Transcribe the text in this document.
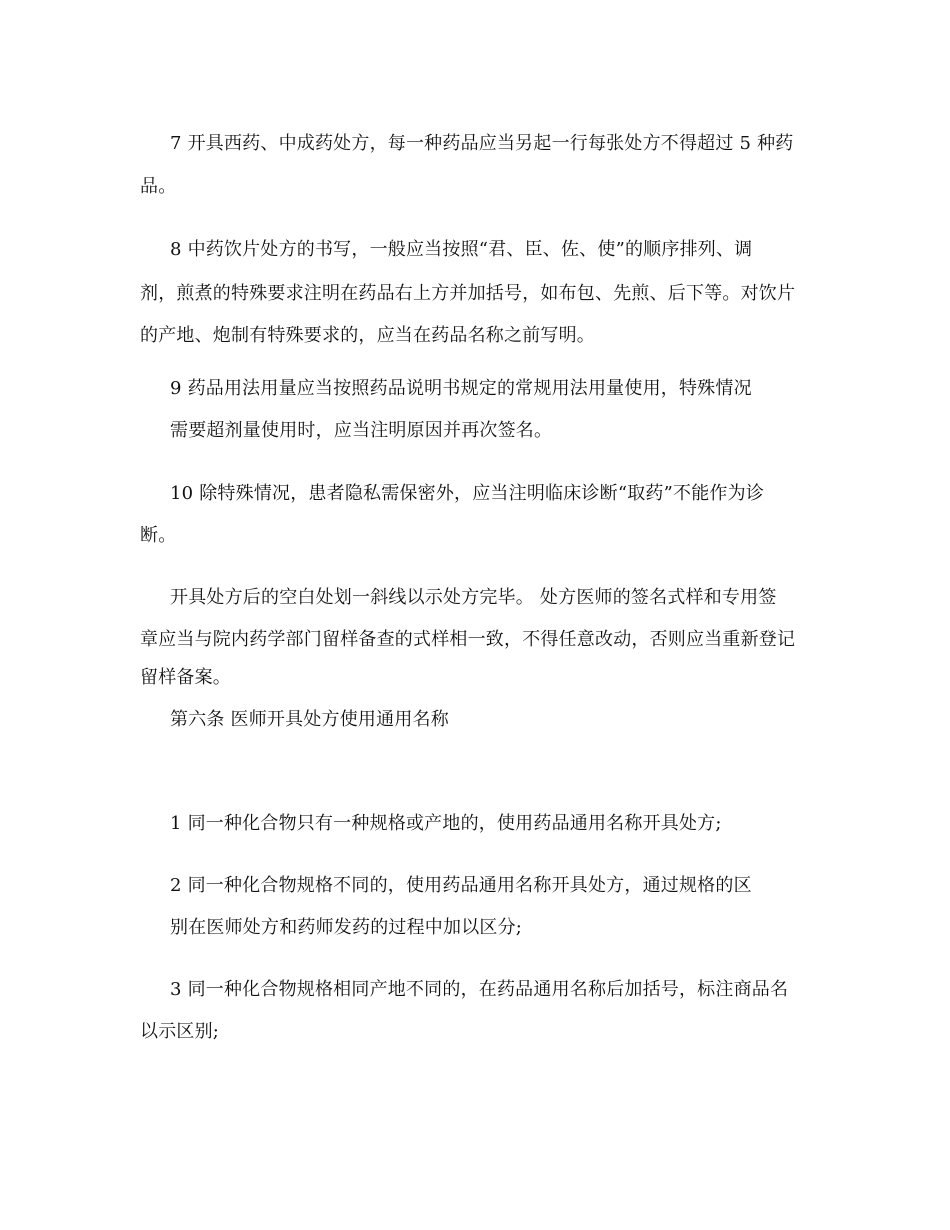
7 开具西药、中成药处方，每一种药品应当另起一行每张处方不得超过 5 种药
品。
8 中药饮片处方的书写，一般应当按照“君、臣、佐、使”的顺序排列、调
剂，煎煮的特殊要求注明在药品右上方并加括号，如布包、先煎、后下等。对饮片
的产地、炮制有特殊要求的，应当在药品名称之前写明。
9 药品用法用量应当按照药品说明书规定的常规用法用量使用，特殊情况
需要超剂量使用时，应当注明原因并再次签名。
10 除特殊情况，患者隐私需保密外，应当注明临床诊断“取药”不能作为诊
断。
开具处方后的空白处划一斜线以示处方完毕。 处方医师的签名式样和专用签
章应当与院内药学部门留样备查的式样相一致，不得任意改动，否则应当重新登记
留样备案。
第六条 医师开具处方使用通用名称
1 同一种化合物只有一种规格或产地的，使用药品通用名称开具处方;
2 同一种化合物规格不同的，使用药品通用名称开具处方，通过规格的区
别在医师处方和药师发药的过程中加以区分;
3 同一种化合物规格相同产地不同的，在药品通用名称后加括号，标注商品名
以示区别;
